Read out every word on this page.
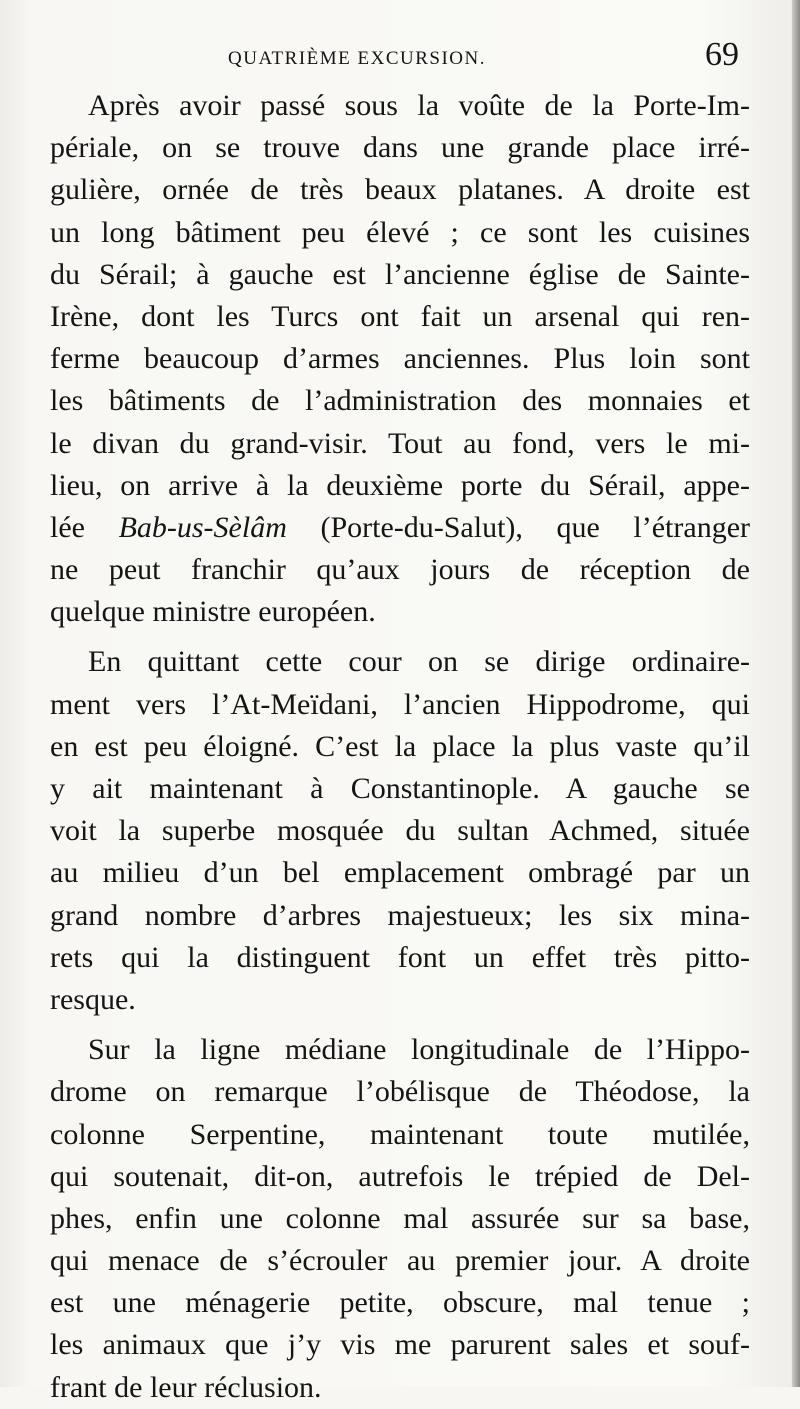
QUATRIÈME EXCURSION.	69
Après avoir passé sous la voûte de la Porte-Im-
périale, on se trouve dans une grande place irré-
gulière, ornée de très beaux platanes. A droite est
un long bâtiment peu élevé ; ce sont les cuisines
du Sérail; à gauche est l’ancienne église de Sainte-
Irène, dont les Turcs ont fait un arsenal qui ren-
ferme beaucoup d’armes anciennes. Plus loin sont
les bâtiments de l’administration des monnaies et
le divan du grand-visir. Tout au fond, vers le mi-
lieu, on arrive à la deuxième porte du Sérail, appe-
lée Bab-us-Sèlâm (Porte-du-Salut), que l’étranger
ne peut franchir qu’aux jours de réception de
quelque ministre européen.
En quittant cette cour on se dirige ordinaire-
ment vers l’At-Meïdani, l’ancien Hippodrome, qui
en est peu éloigné. C’est la place la plus vaste qu’il
y ait maintenant à Constantinople. A gauche se
voit la superbe mosquée du sultan Achmed, située
au milieu d’un bel emplacement ombragé par un
grand nombre d’arbres majestueux; les six mina-
rets qui la distinguent font un effet très pitto-
resque.
Sur la ligne médiane longitudinale de l’Hippo-
drome on remarque l’obélisque de Théodose, la
colonne Serpentine, maintenant toute mutilée,
qui soutenait, dit-on, autrefois le trépied de Del-
phes, enfin une colonne mal assurée sur sa base,
qui menace de s’écrouler au premier jour. A droite
est une ménagerie petite, obscure, mal tenue ;
les animaux que j’y vis me parurent sales et souf-
frant de leur réclusion.
